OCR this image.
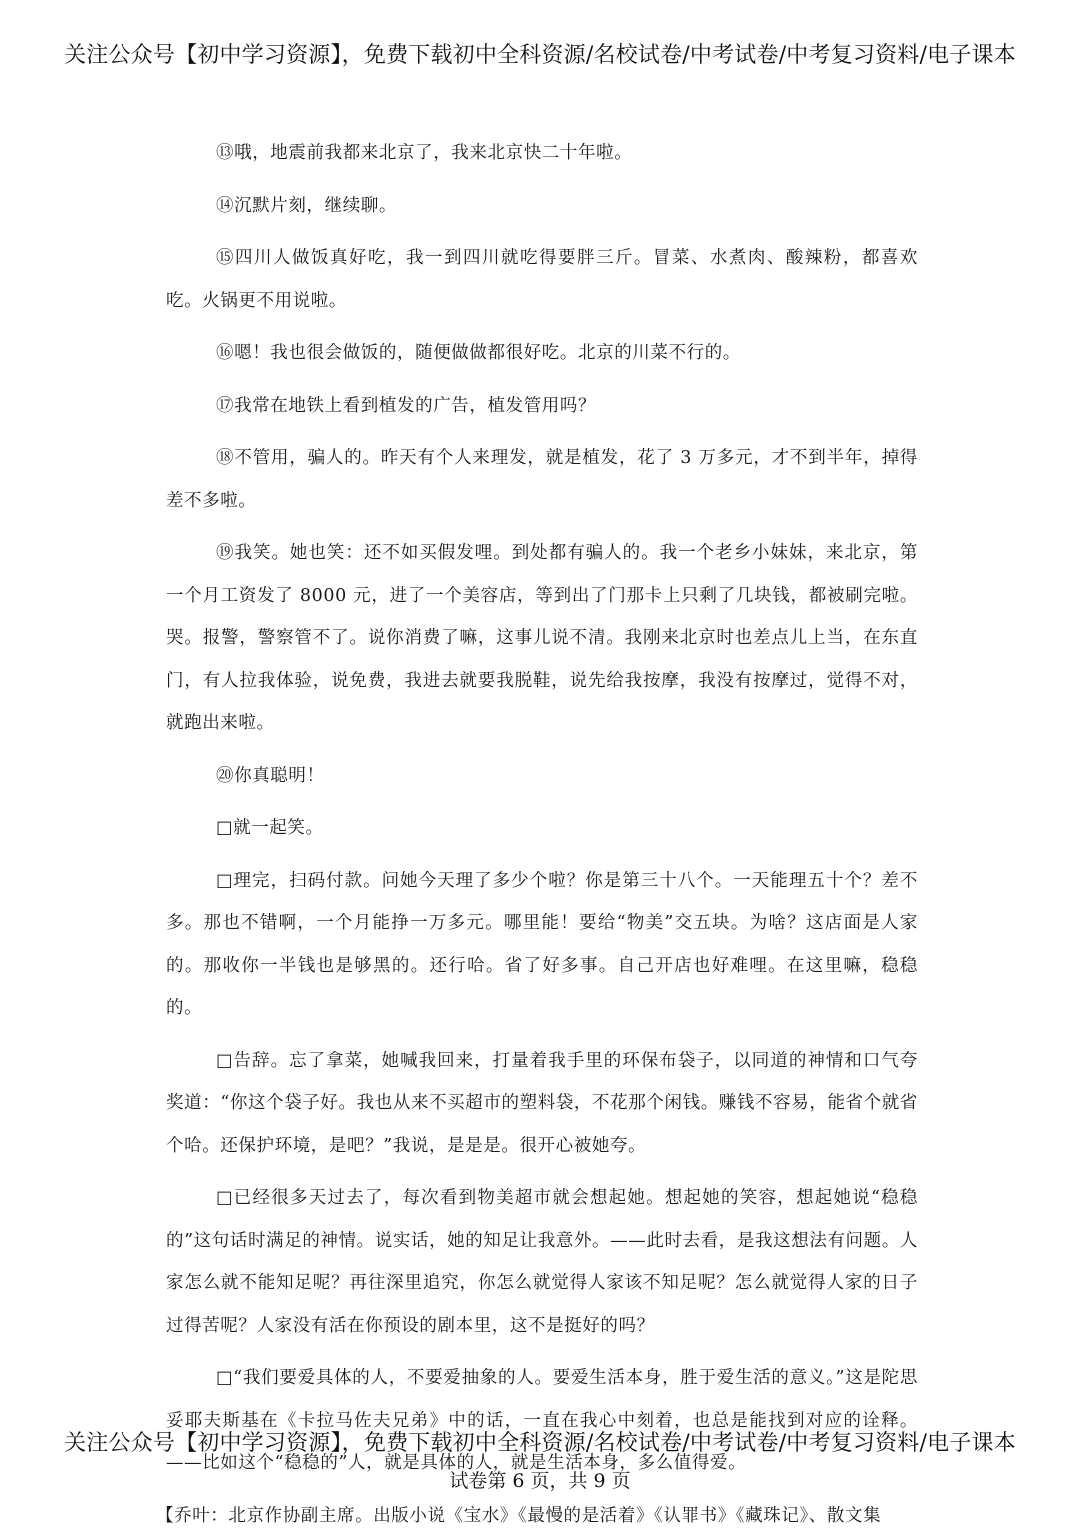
关注公众号【初中学习资源】，免费下载初中全科资源/名校试卷/中考试卷/中考复习资料/电子课本

⑬哦，地震前我都来北京了，我来北京快二十年啦。

⑭沉默片刻，继续聊。

⑮四川人做饭真好吃，我一到四川就吃得要胖三斤。冒菜、水煮肉、酸辣粉，都喜欢吃。火锅更不用说啦。

⑯嗯！我也很会做饭的，随便做做都很好吃。北京的川菜不行的。

⑰我常在地铁上看到植发的广告，植发管用吗？

⑱不管用，骗人的。昨天有个人来理发，就是植发，花了 3 万多元，才不到半年，掉得差不多啦。

⑲我笑。她也笑：还不如买假发哩。到处都有骗人的。我一个老乡小妹妹，来北京，第一个月工资发了 8000 元，进了一个美容店，等到出了门那卡上只剩了几块钱，都被刷完啦。哭。报警，警察管不了。说你消费了嘛，这事儿说不清。我刚来北京时也差点儿上当，在东直门，有人拉我体验，说免费，我进去就要我脱鞋，说先给我按摩，我没有按摩过，觉得不对，就跑出来啦。

⑳你真聪明！

□就一起笑。

□理完，扫码付款。问她今天理了多少个啦？你是第三十八个。一天能理五十个？差不多。那也不错啊，一个月能挣一万多元。哪里能！要给“物美”交五块。为啥？这店面是人家的。那收你一半钱也是够黑的。还行哈。省了好多事。自己开店也好难哩。在这里嘛，稳稳的。

□告辞。忘了拿菜，她喊我回来，打量着我手里的环保布袋子，以同道的神情和口气夸奖道：“你这个袋子好。我也从来不买超市的塑料袋，不花那个闲钱。赚钱不容易，能省个就省个哈。还保护环境，是吧？”我说，是是是。很开心被她夸。

□已经很多天过去了，每次看到物美超市就会想起她。想起她的笑容，想起她说“稳稳的”这句话时满足的神情。说实话，她的知足让我意外。——此时去看，是我这想法有问题。人家怎么就不能知足呢？再往深里追究，你怎么就觉得人家该不知足呢？怎么就觉得人家的日子过得苦呢？人家没有活在你预设的剧本里，这不是挺好的吗？

□“我们要爱具体的人，不要爱抽象的人。要爱生活本身，胜于爱生活的意义。”这是陀思妥耶夫斯基在《卡拉马佐夫兄弟》中的话，一直在我心中刻着，也总是能找到对应的诠释。——比如这个“稳稳的”人，就是具体的人，就是生活本身，多么值得爱。

【乔叶：北京作协副主席。出版小说《宝水》《最慢的是活着》《认罪书》《藏珠记》、散文集

关注公众号【初中学习资源】，免费下载初中全科资源/名校试卷/中考试卷/中考复习资料/电子课本
试卷第 6 页，共 9 页
